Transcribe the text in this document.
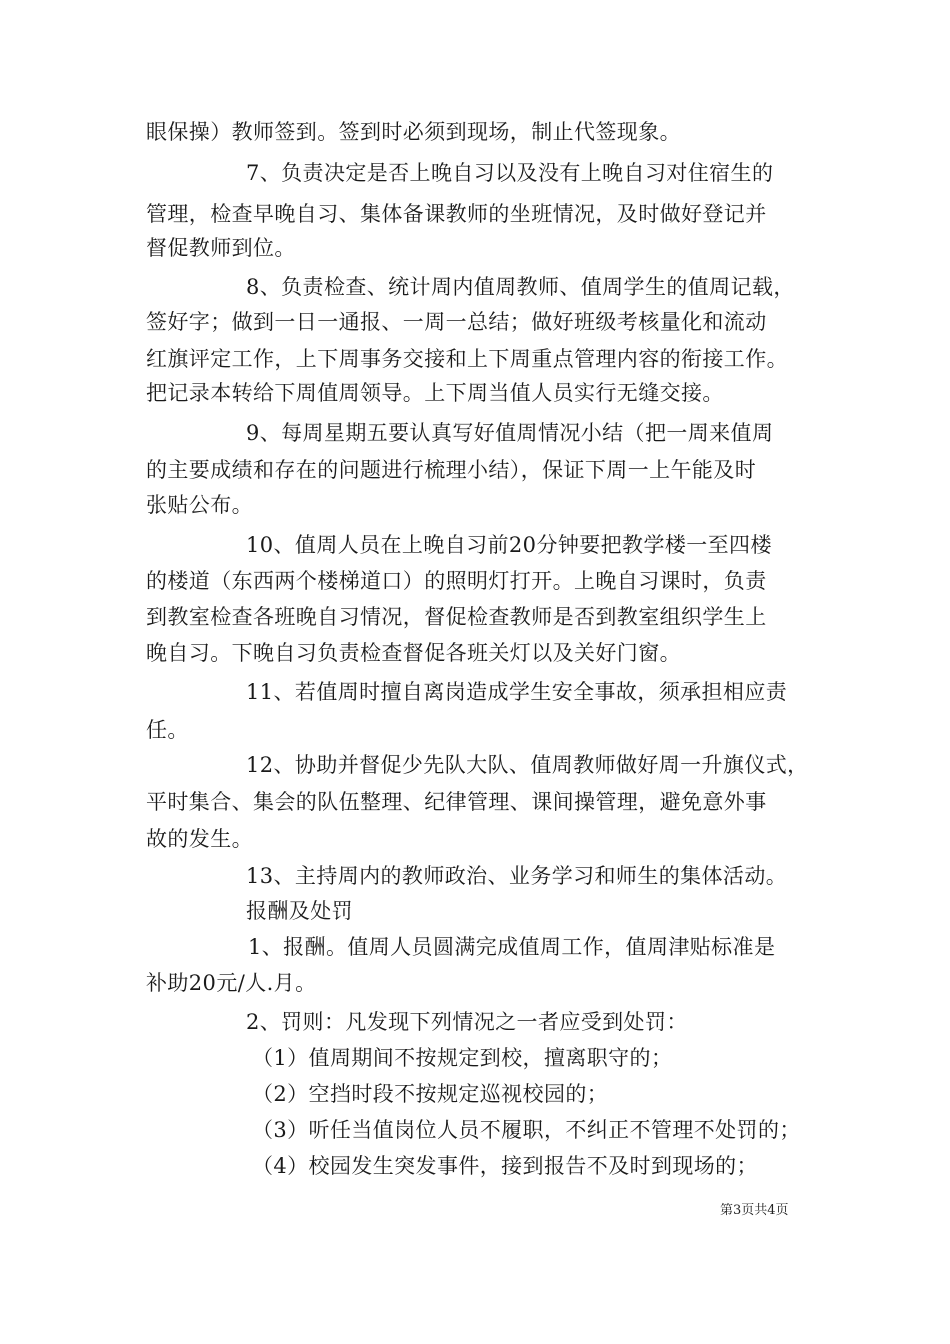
眼保操）教师签到。签到时必须到现场，制止代签现象。
7、负责决定是否上晚自习以及没有上晚自习对住宿生的
管理，检查早晚自习、集体备课教师的坐班情况，及时做好登记并
督促教师到位。
8、负责检查、统计周内值周教师、值周学生的值周记载，
签好字；做到一日一通报、一周一总结；做好班级考核量化和流动
红旗评定工作，上下周事务交接和上下周重点管理内容的衔接工作。
把记录本转给下周值周领导。上下周当值人员实行无缝交接。
9、每周星期五要认真写好值周情况小结（把一周来值周
的主要成绩和存在的问题进行梳理小结），保证下周一上午能及时
张贴公布。
10、值周人员在上晚自习前20分钟要把教学楼一至四楼
的楼道（东西两个楼梯道口）的照明灯打开。上晚自习课时，负责
到教室检查各班晚自习情况，督促检查教师是否到教室组织学生上
晚自习。下晚自习负责检查督促各班关灯以及关好门窗。
11、若值周时擅自离岗造成学生安全事故，须承担相应责
任。
12、协助并督促少先队大队、值周教师做好周一升旗仪式，
平时集合、集会的队伍整理、纪律管理、课间操管理，避免意外事
故的发生。
13、主持周内的教师政治、业务学习和师生的集体活动。
报酬及处罚
1、报酬。值周人员圆满完成值周工作，值周津贴标准是
补助20元/人.月。
2、罚则：凡发现下列情况之一者应受到处罚：
（1）值周期间不按规定到校，擅离职守的；
（2）空挡时段不按规定巡视校园的；
（3）听任当值岗位人员不履职，不纠正不管理不处罚的；
（4）校园发生突发事件，接到报告不及时到现场的；
第3页共4页
